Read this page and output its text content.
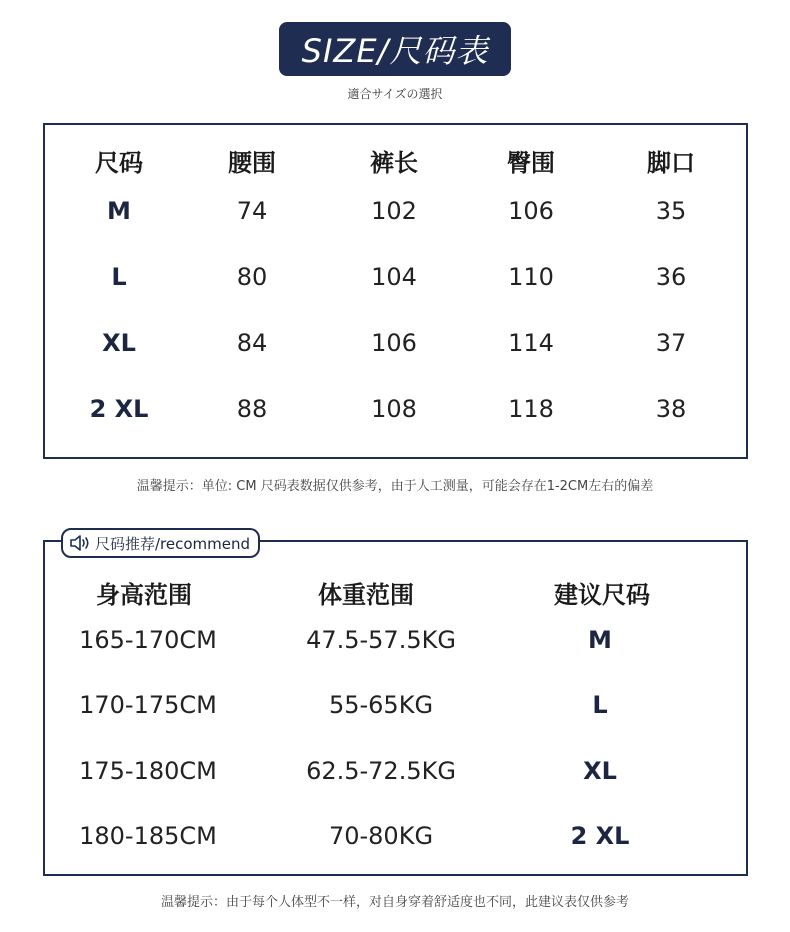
SIZE/尺码表
適合サイズの選択
尺码	腰围	裤长	臀围	脚口
M	74	102	106	35
L	80	104	110	36
XL	84	106	114	37
2 XL	88	108	118	38
温馨提示：单位: CM 尺码表数据仅供参考，由于人工测量，可能会存在1-2CM左右的偏差
身高范围	体重范围	建议尺码
165-170CM	47.5-57.5KG	M
170-175CM	55-65KG	L
175-180CM	62.5-72.5KG	XL
180-185CM	70-80KG	2 XL
尺码推荐/recommend
温馨提示：由于每个人体型不一样，对自身穿着舒适度也不同，此建议表仅供参考
